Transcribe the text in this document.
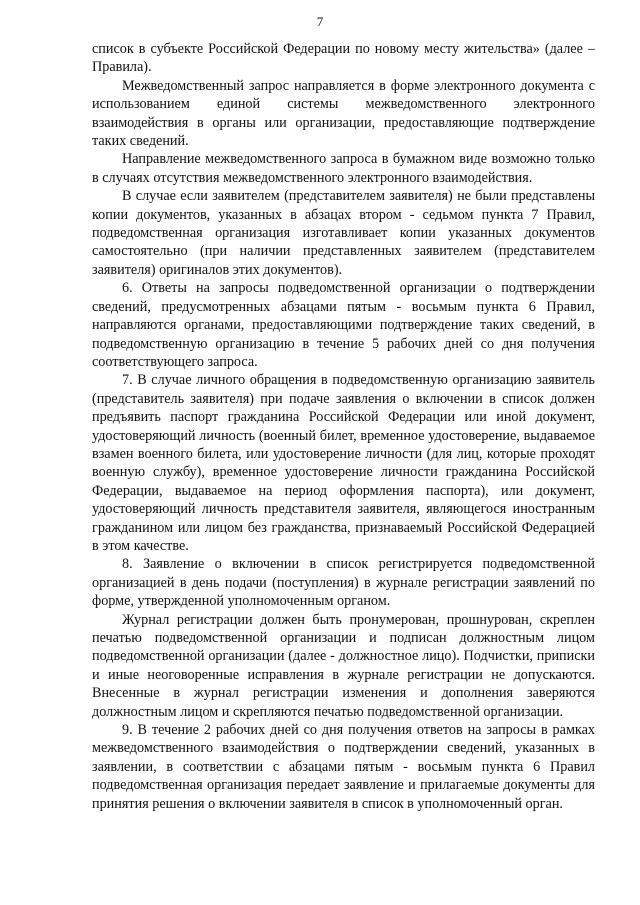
7

список в субъекте Российской Федерации по новому месту жительства» (далее – Правила).

Межведомственный запрос направляется в форме электронного документа с использованием единой системы межведомственного электронного взаимодействия в органы или организации, предоставляющие подтверждение таких сведений.

Направление межведомственного запроса в бумажном виде возможно только в случаях отсутствия межведомственного электронного взаимодействия.

В случае если заявителем (представителем заявителя) не были представлены копии документов, указанных в абзацах втором - седьмом пункта 7 Правил, подведомственная организация изготавливает копии указанных документов самостоятельно (при наличии представленных заявителем (представителем заявителя) оригиналов этих документов).

6. Ответы на запросы подведомственной организации о подтверждении сведений, предусмотренных абзацами пятым - восьмым пункта 6 Правил, направляются органами, предоставляющими подтверждение таких сведений, в подведомственную организацию в течение 5 рабочих дней со дня получения соответствующего запроса.

7. В случае личного обращения в подведомственную организацию заявитель (представитель заявителя) при подаче заявления о включении в список должен предъявить паспорт гражданина Российской Федерации или иной документ, удостоверяющий личность (военный билет, временное удостоверение, выдаваемое взамен военного билета, или удостоверение личности (для лиц, которые проходят военную службу), временное удостоверение личности гражданина Российской Федерации, выдаваемое на период оформления паспорта), или документ, удостоверяющий личность представителя заявителя, являющегося иностранным гражданином или лицом без гражданства, признаваемый Российской Федерацией в этом качестве.

8. Заявление о включении в список регистрируется подведомственной организацией в день подачи (поступления) в журнале регистрации заявлений по форме, утвержденной уполномоченным органом.

Журнал регистрации должен быть пронумерован, прошнурован, скреплен печатью подведомственной организации и подписан должностным лицом подведомственной организации (далее - должностное лицо). Подчистки, приписки и иные неоговоренные исправления в журнале регистрации не допускаются. Внесенные в журнал регистрации изменения и дополнения заверяются должностным лицом и скрепляются печатью подведомственной организации.

9. В течение 2 рабочих дней со дня получения ответов на запросы в рамках межведомственного взаимодействия о подтверждении сведений, указанных в заявлении, в соответствии с абзацами пятым - восьмым пункта 6 Правил подведомственная организация передает заявление и прилагаемые документы для принятия решения о включении заявителя в список в уполномоченный орган.
